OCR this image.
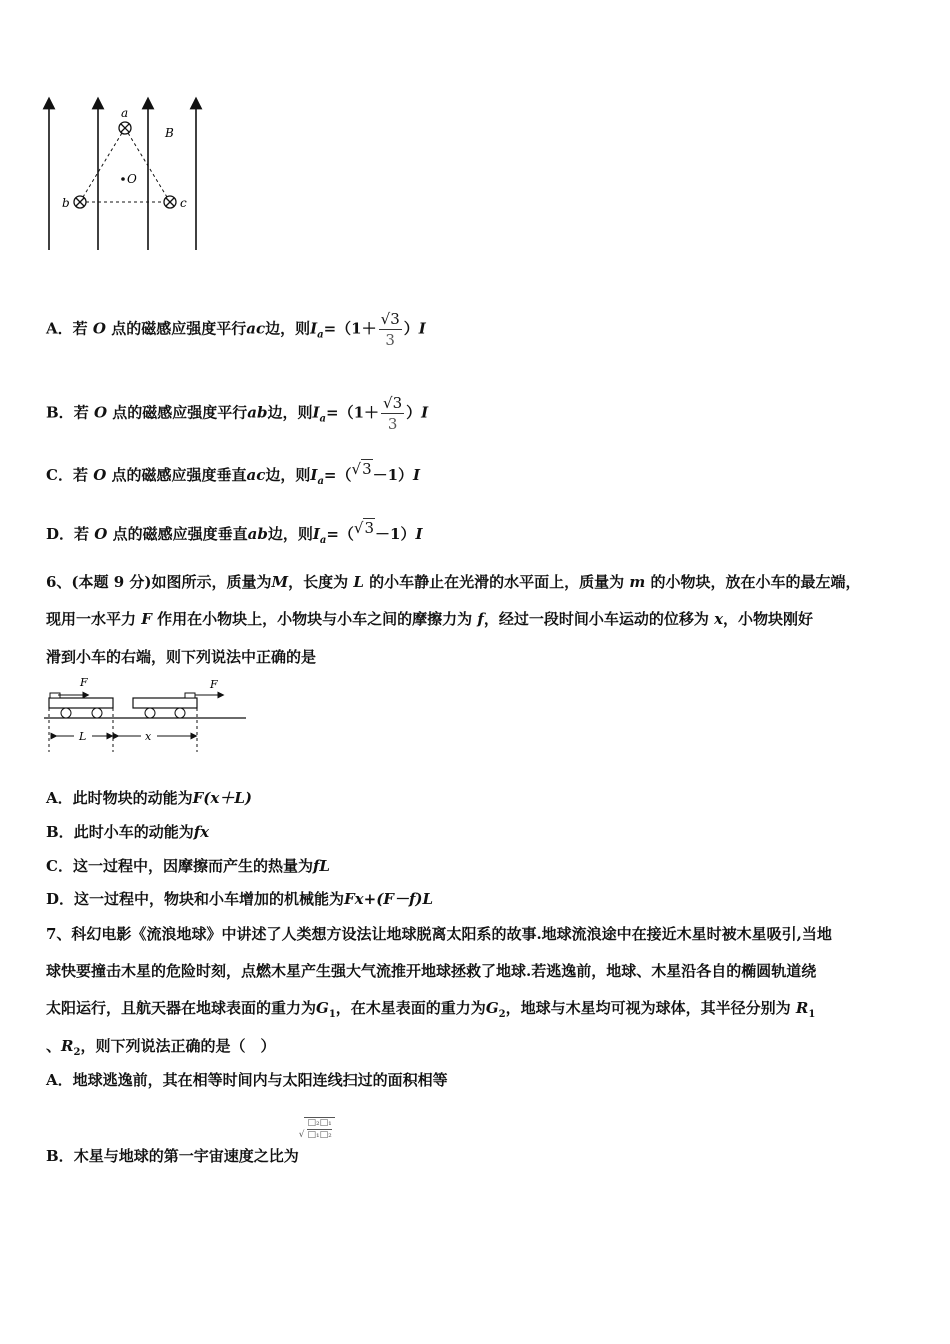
a
b	c
O
B
A．若 O 点的磁感应强度平行ac边，则$I_a=(1+ \frac{√3}{3} )I$
B．若 O 点的磁感应强度平行ab边，则$I_a=(1+ \frac{√3}{3} )I$
C．若 O 点的磁感应强度垂直ac边，则$I_a=(√3-1)I$
D．若 O 点的磁感应强度垂直ab边，则$I_a=(√3-1)I$
6、(本题 9 分)如图所示，质量为M，长度为 L 的小车静止在光滑的水平面上，质量为 m 的小物块，放在小车的最左端，
现用一水平力 F 作用在小物块上，小物块与小车之间的摩擦力为 f，经过一段时间小车运动的位移为 x，小物块刚好
滑到小车的右端，则下列说法中正确的是
F	F
L	x
A．此时物块的动能为F(x＋L)
B．此时小车的动能为fx
C．这一过程中，因摩擦而产生的热量为fL
D．这一过程中，物块和小车增加的机械能为Fx+(F－f)L
7、科幻电影《流浪地球》中讲述了人类想方设法让地球脱离太阳系的故事.地球流浪途中在接近木星时被木星吸引,当地
球快要撞击木星的危险时刻，点燃木星产生强大气流推开地球拯救了地球.若逃逸前，地球、木星沿各自的椭圆轨道绕
太阳运行，且航天器在地球表面的重力为$G_1$，在木星表面的重力为$G_2$，地球与木星均可视为球体，其半径分别为 $R_1$
、$R_2$，则下列说法正确的是（　）
A．地球逃逸前，其在相等时间内与太阳连线扫过的面积相等
B．木星与地球的第一宇宙速度之比为√
□₂□₁
□₁□₂
